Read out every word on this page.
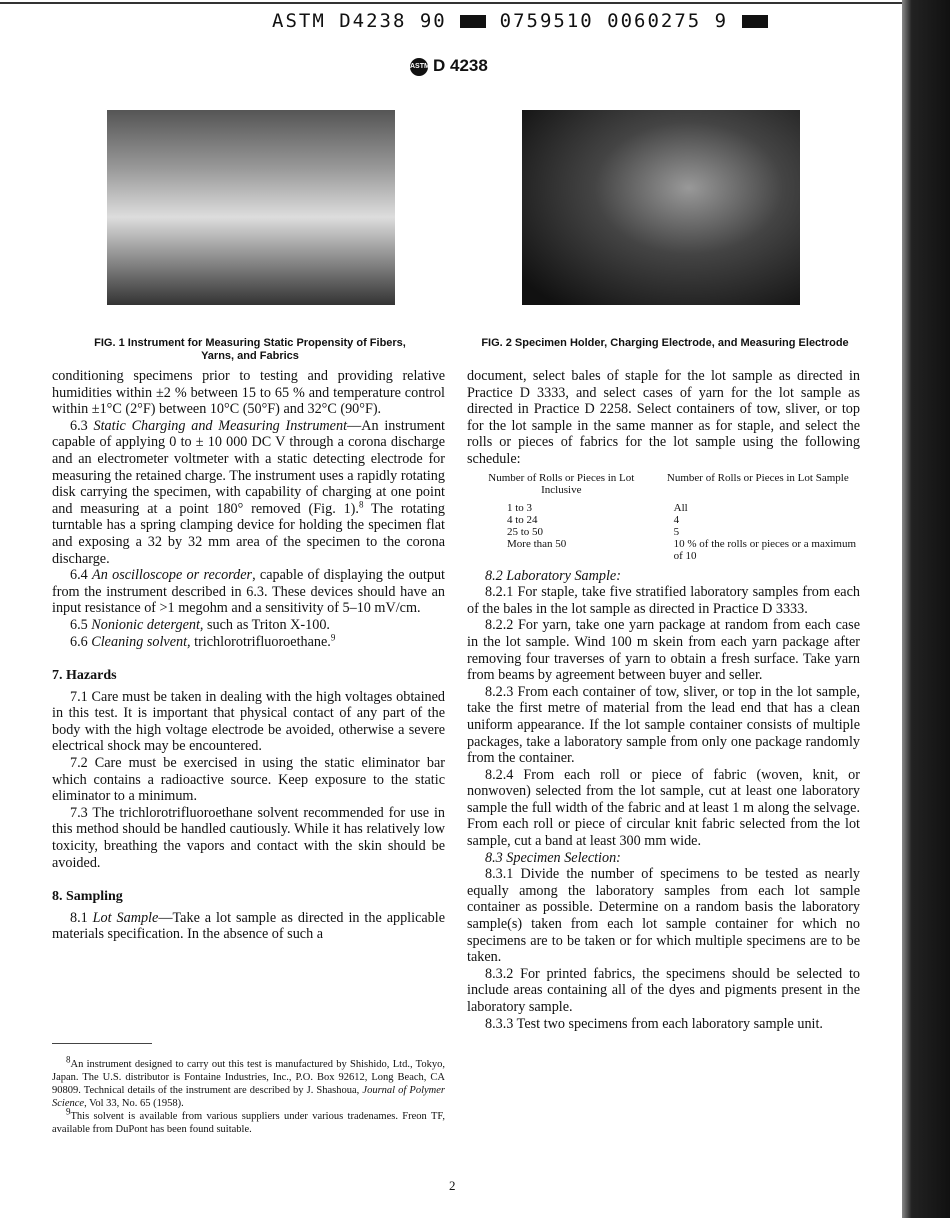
ASTM D4238 90	0759510 0060275 9
ASTM D 4238
FIG. 1 Instrument for Measuring Static Propensity of Fibers, Yarns, and Fabrics
FIG. 2 Specimen Holder, Charging Electrode, and Measuring Electrode

conditioning specimens prior to testing and providing relative humidities within ±2 % between 15 to 65 % and temperature control within ±1°C (2°F) between 10°C (50°F) and 32°C (90°F).

6.3 Static Charging and Measuring Instrument—An instrument capable of applying 0 to ± 10 000 DC V through a corona discharge and an electrometer voltmeter with a static detecting electrode for measuring the retained charge. The instrument uses a rapidly rotating disk carrying the specimen, with capability of charging at one point and measuring at a point 180° removed (Fig. 1).$^8$ The rotating turntable has a spring clamping device for holding the specimen flat and exposing a 32 by 32 mm area of the specimen to the corona discharge.

6.4 An oscilloscope or recorder, capable of displaying the output from the instrument described in 6.3. These devices should have an input resistance of >1 megohm and a sensitivity of 5–10 mV/cm.

6.5 Nonionic detergent, such as Triton X-100.

6.6 Cleaning solvent, trichlorotrifluoroethane.$^9$

7. Hazards

7.1 Care must be taken in dealing with the high voltages obtained in this test. It is important that physical contact of any part of the body with the high voltage electrode be avoided, otherwise a severe electrical shock may be encountered.

7.2 Care must be exercised in using the static eliminator bar which contains a radioactive source. Keep exposure to the static eliminator to a minimum.

7.3 The trichlorotrifluoroethane solvent recommended for use in this method should be handled cautiously. While it has relatively low toxicity, breathing the vapors and contact with the skin should be avoided.

8. Sampling

8.1 Lot Sample—Take a lot sample as directed in the applicable materials specification. In the absence of such a

$^8$An instrument designed to carry out this test is manufactured by Shishido, Ltd., Tokyo, Japan. The U.S. distributor is Fontaine Industries, Inc., P.O. Box 92612, Long Beach, CA 90809. Technical details of the instrument are described by J. Shashoua, Journal of Polymer Science, Vol 33, No. 65 (1958).

$^9$This solvent is available from various suppliers under various tradenames. Freon TF, available from DuPont has been found suitable.

document, select bales of staple for the lot sample as directed in Practice D 3333, and select cases of yarn for the lot sample as directed in Practice D 2258. Select containers of tow, sliver, or top for the lot sample in the same manner as for staple, and select the rolls or pieces of fabrics for the lot sample using the following schedule:

Number of Rolls or Pieces in Lot Inclusive	Number of Rolls or Pieces in Lot Sample
1 to 3	All
4 to 24	4
25 to 50	5
More than 50	10 % of the rolls or pieces or a maximum of 10

8.2 Laboratory Sample:

8.2.1 For staple, take five stratified laboratory samples from each of the bales in the lot sample as directed in Practice D 3333.

8.2.2 For yarn, take one yarn package at random from each case in the lot sample. Wind 100 m skein from each yarn package after removing four traverses of yarn to obtain a fresh surface. Take yarn from beams by agreement between buyer and seller.

8.2.3 From each container of tow, sliver, or top in the lot sample, take the first metre of material from the lead end that has a clean uniform appearance. If the lot sample container consists of multiple packages, take a laboratory sample from only one package randomly from the container.

8.2.4 From each roll or piece of fabric (woven, knit, or nonwoven) selected from the lot sample, cut at least one laboratory sample the full width of the fabric and at least 1 m along the selvage. From each roll or piece of circular knit fabric selected from the lot sample, cut a band at least 300 mm wide.

8.3 Specimen Selection:

8.3.1 Divide the number of specimens to be tested as nearly equally among the laboratory samples from each lot sample container as possible. Determine on a random basis the laboratory sample(s) taken from each lot sample container for which no specimens are to be taken or for which multiple specimens are to be taken.

8.3.2 For printed fabrics, the specimens should be selected to include areas containing all of the dyes and pigments present in the laboratory sample.

8.3.3 Test two specimens from each laboratory sample unit.

2
